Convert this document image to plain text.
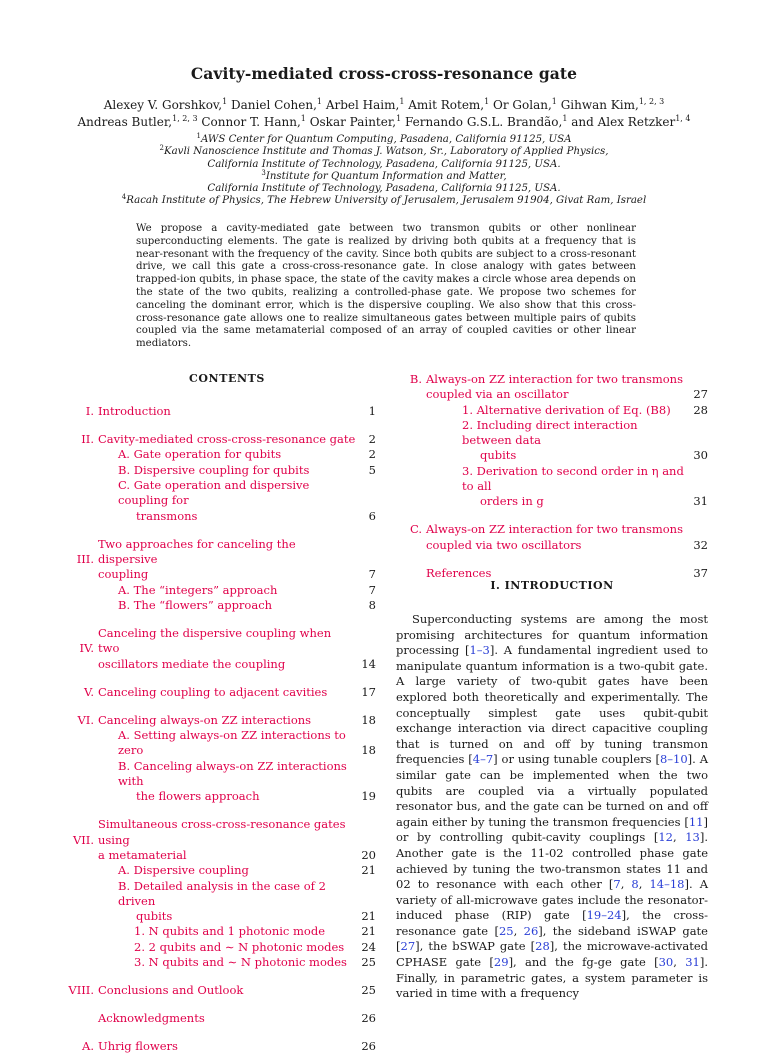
Cavity-mediated cross-cross-resonance gate
Alexey V. Gorshkov,$^1$ Daniel Cohen,$^1$ Arbel Haim,$^1$ Amit Rotem,$^1$ Or Golan,$^1$ Gihwan Kim,$^{1, 2, 3}$
Andreas Butler,$^{1, 2, 3}$ Connor T. Hann,$^1$ Oskar Painter,$^1$ Fernando G.S.L. Brandão,$^1$ and Alex Retzker$^{1, 4}$
$^1$AWS Center for Quantum Computing, Pasadena, California 91125, USA
$^2$Kavli Nanoscience Institute and Thomas J. Watson, Sr., Laboratory of Applied Physics,
California Institute of Technology, Pasadena, California 91125, USA.
$^3$Institute for Quantum Information and Matter,
California Institute of Technology, Pasadena, California 91125, USA.
$^4$Racah Institute of Physics, The Hebrew University of Jerusalem, Jerusalem 91904, Givat Ram, Israel
We propose a cavity-mediated gate between two transmon qubits or other nonlinear superconducting elements. The gate is realized by driving both qubits at a frequency that is near-resonant with the frequency of the cavity. Since both qubits are subject to a cross-resonant drive, we call this gate a cross-cross-resonance gate. In close analogy with gates between trapped-ion qubits, in phase space, the state of the cavity makes a circle whose area depends on the state of the two qubits, realizing a controlled-phase gate. We propose two schemes for canceling the dominant error, which is the dispersive coupling. We also show that this cross-cross-resonance gate allows one to realize simultaneous gates between multiple pairs of qubits coupled via the same metamaterial composed of an array of coupled cavities or other linear mediators.
CONTENTS
I. Introduction	1
II. Cavity-mediated cross-cross-resonance gate	2
A. Gate operation for qubits	2
B. Dispersive coupling for qubits	5
C. Gate operation and dispersive coupling for
transmons	6
III.
Two approaches for canceling the dispersive
coupling	7
A. The “integers” approach	7
B. The “flowers” approach	8
IV.
Canceling the dispersive coupling when two
oscillators mediate the coupling	14
V. Canceling coupling to adjacent cavities	17
VI. Canceling always-on ZZ interactions	18
A. Setting always-on ZZ interactions to zero	18
B. Canceling always-on ZZ interactions with
the flowers approach	19
VII.
Simultaneous cross-cross-resonance gates using
a metamaterial	20
A. Dispersive coupling	21
B. Detailed analysis in the case of 2 driven
qubits	21
1. N qubits and 1 photonic mode	21
2. 2 qubits and ∼ N photonic modes	24
3. N qubits and ∼ N photonic modes	25
VIII. Conclusions and Outlook	25
Acknowledgments	26
A. Uhrig flowers	26
B. Always-on ZZ interaction for two transmons
coupled via an oscillator	27
1. Alternative derivation of Eq. (B8)	28
2. Including direct interaction between data
qubits	30
3. Derivation to second order in η and to all
orders in g	31
C. Always-on ZZ interaction for two transmons
coupled via two oscillators	32
References	37
I. INTRODUCTION
Superconducting systems are among the most promising architectures for quantum information processing [1–3]. A fundamental ingredient used to manipulate quantum information is a two-qubit gate. A large variety of two-qubit gates have been explored both theoretically and experimentally. The conceptually simplest gate uses qubit-qubit exchange interaction via direct capacitive coupling that is turned on and off by tuning transmon frequencies [4–7] or using tunable couplers [8–10]. A similar gate can be implemented when the two qubits are coupled via a virtually populated resonator bus, and the gate can be turned on and off again either by tuning the transmon frequencies [11] or by controlling qubit-cavity couplings [12, 13]. Another gate is the 11-02 controlled phase gate achieved by tuning the two-transmon states 11 and 02 to resonance with each other [7, 8, 14–18]. A variety of all-microwave gates include the resonator-induced phase (RIP) gate [19–24], the cross-resonance gate [25, 26], the sideband iSWAP gate [27], the bSWAP gate [28], the microwave-activated CPHASE gate [29], and the fg-ge gate [30, 31]. Finally, in parametric gates, a system parameter is varied in time with a frequency
